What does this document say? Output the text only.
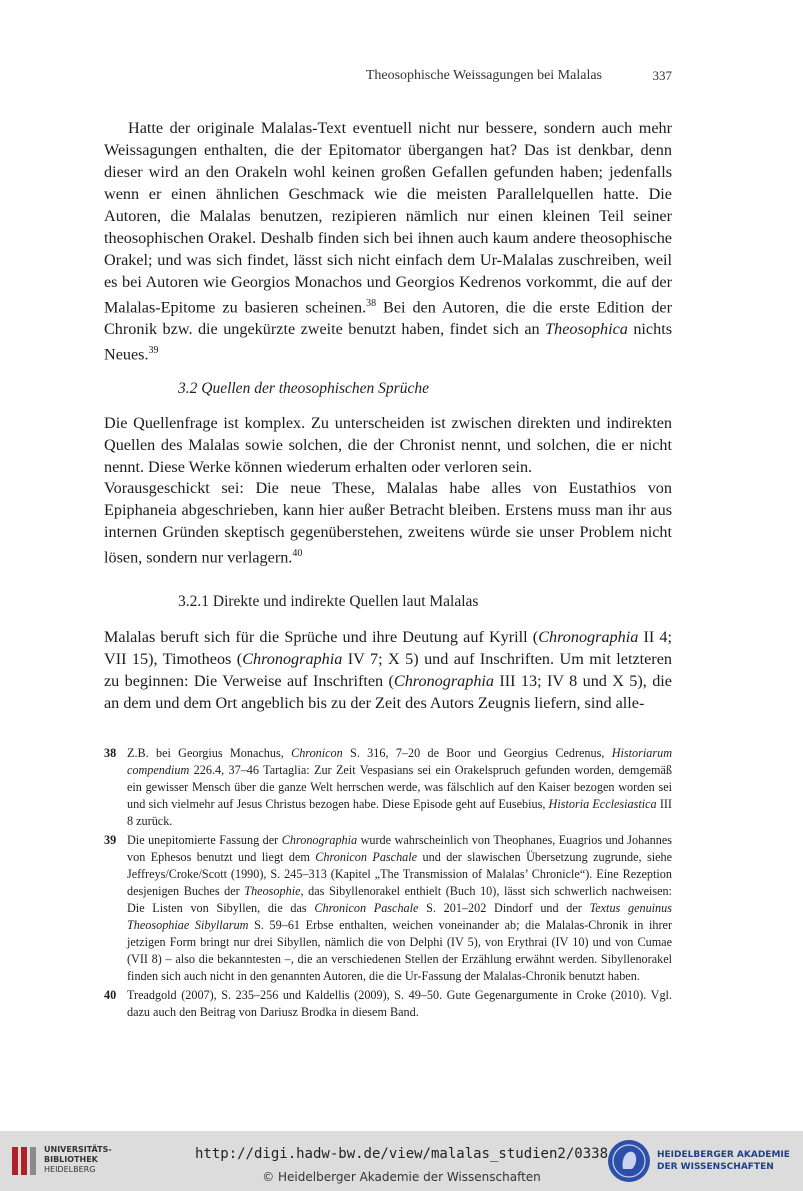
Theosophische Weissagungen bei Malalas	337
Hatte der originale Malalas-Text eventuell nicht nur bessere, sondern auch mehr Weissagungen enthalten, die der Epitomator übergangen hat? Das ist denkbar, denn dieser wird an den Orakeln wohl keinen großen Gefallen gefunden haben; jedenfalls wenn er einen ähnlichen Geschmack wie die meisten Parallelquellen hatte. Die Autoren, die Malalas benutzen, rezipieren nämlich nur einen kleinen Teil seiner theosophischen Orakel. Deshalb finden sich bei ihnen auch kaum andere theosophische Orakel; und was sich findet, lässt sich nicht einfach dem Ur-Malalas zuschreiben, weil es bei Autoren wie Georgios Monachos und Georgios Kedrenos vorkommt, die auf der Malalas-Epitome zu basieren scheinen.$^{38}$ Bei den Autoren, die die erste Edition der Chronik bzw. die ungekürzte zweite benutzt haben, findet sich an Theosophica nichts Neues.$^{39}$
3.2 Quellen der theosophischen Sprüche
Die Quellenfrage ist komplex. Zu unterscheiden ist zwischen direkten und indirekten Quellen des Malalas sowie solchen, die der Chronist nennt, und solchen, die er nicht nennt. Diese Werke können wiederum erhalten oder verloren sein.
Vorausgeschickt sei: Die neue These, Malalas habe alles von Eustathios von Epiphaneia abgeschrieben, kann hier außer Betracht bleiben. Erstens muss man ihr aus internen Gründen skeptisch gegenüberstehen, zweitens würde sie unser Problem nicht lösen, sondern nur verlagern.$^{40}$
3.2.1 Direkte und indirekte Quellen laut Malalas
Malalas beruft sich für die Sprüche und ihre Deutung auf Kyrill (Chronographia II 4; VII 15), Timotheos (Chronographia IV 7; X 5) und auf Inschriften. Um mit letzteren zu beginnen: Die Verweise auf Inschriften (Chronographia III 13; IV 8 und X 5), die an dem und dem Ort angeblich bis zu der Zeit des Autors Zeugnis liefern, sind alle-
38 Z.B. bei Georgius Monachus, Chronicon S. 316, 7–20 de Boor und Georgius Cedrenus, Historiarum compendium 226.4, 37–46 Tartaglia: Zur Zeit Vespasians sei ein Orakelspruch gefunden worden, demgemäß ein gewisser Mensch über die ganze Welt herrschen werde, was fälschlich auf den Kaiser bezogen worden sei und sich vielmehr auf Jesus Christus bezogen habe. Diese Episode geht auf Eusebius, Historia Ecclesiastica III 8 zurück.
39 Die unepitomierte Fassung der Chronographia wurde wahrscheinlich von Theophanes, Euagrios und Johannes von Ephesos benutzt und liegt dem Chronicon Paschale und der slawischen Übersetzung zugrunde, siehe Jeffreys/Croke/Scott (1990), S. 245–313 (Kapitel „The Transmission of Malalas’ Chronicle“). Eine Rezeption desjenigen Buches der Theosophie, das Sibyllenorakel enthielt (Buch 10), lässt sich schwerlich nachweisen: Die Listen von Sibyllen, die das Chronicon Paschale S. 201–202 Dindorf und der Textus genuinus Theosophiae Sibyllarum S. 59–61 Erbse enthalten, weichen voneinander ab; die Malalas-Chronik in ihrer jetzigen Form bringt nur drei Sibyllen, nämlich die von Delphi (IV 5), von Erythrai (IV 10) und von Cumae (VII 8) – also die bekanntesten –, die an verschiedenen Stellen der Erzählung erwähnt werden. Sibyllenorakel finden sich auch nicht in den genannten Autoren, die die Ur-Fassung der Malalas-Chronik benutzt haben.
40 Treadgold (2007), S. 235–256 und Kaldellis (2009), S. 49–50. Gute Gegenargumente in Croke (2010). Vgl. dazu auch den Beitrag von Dariusz Brodka in diesem Band.
UNIVERSITÄTS-
BIBLIOTHEK
HEIDELBERG
http://digi.hadw-bw.de/view/malalas_studien2/0338
© Heidelberger Akademie der Wissenschaften
HEIDELBERGER AKADEMIE
DER WISSENSCHAFTEN
